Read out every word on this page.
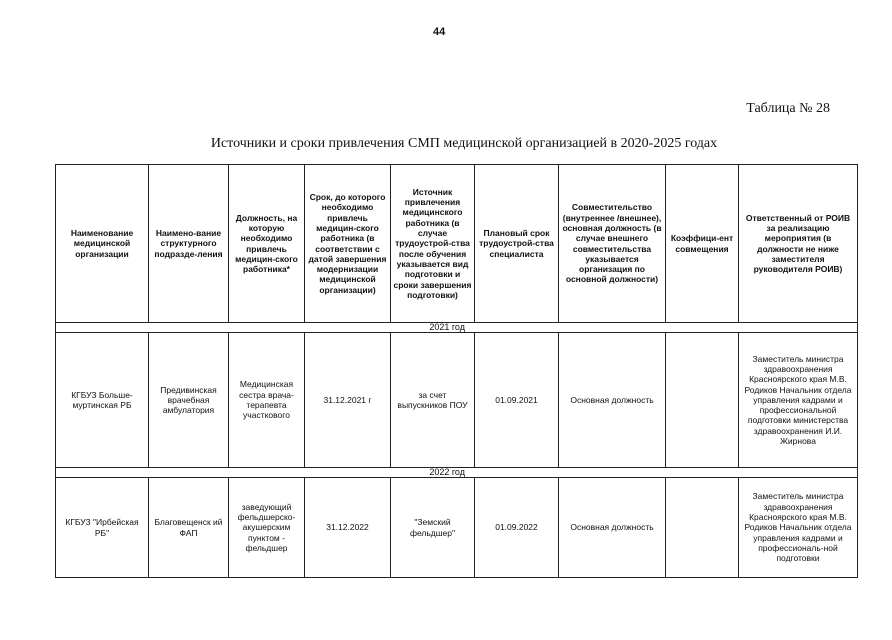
44
Таблица № 28
Источники и сроки привлечения СМП медицинской организацией в 2020-2025 годах
Наименование медицинской организации	Наимено-вание структурного подразде-ления	Должность, на которую необходимо привлечь медицин-ского работника*	Срок, до которого необходимо привлечь медицин-ского работника (в соответствии с датой завершения модернизации медицинской организации)	Источник привлечения медицинского работника (в случае трудоустрой-ства после обучения указывается вид подготовки и сроки завершения подготовки)	Плановый срок трудоустрой-ства специалиста	Совместительство (внутреннее /внешнее), основная должность (в случае внешнего совместительства указывается организация по основной должности)	Коэффици-ент совмещения	Ответственный от РОИВ за реализацию мероприятия (в должности не ниже заместителя руководителя РОИВ)
2021 год								
КГБУЗ Больше-муртинская РБ	Предивинская врачебная амбулатория	Медицинская сестра врача-терапевта участкового	31.12.2021 г	за счет выпускников ПОУ	01.09.2021	Основная должность		Заместитель министра здравоохранения Красноярского края М.В. Родиков Начальник отдела управления кадрами и профессиональной подготовки министерства здравоохранения И.И. Жирнова
2022 год								
КГБУЗ "Ирбейская РБ"	Благовещенск ий ФАП	заведующий фельдшерско-акушерским пунктом - фельдшер	31.12.2022	"Земский фельдшер"	01.09.2022	Основная должность		Заместитель министра здравоохранения Красноярского края М.В. Родиков Начальник отдела управления кадрами и профессиональ-ной подготовки
